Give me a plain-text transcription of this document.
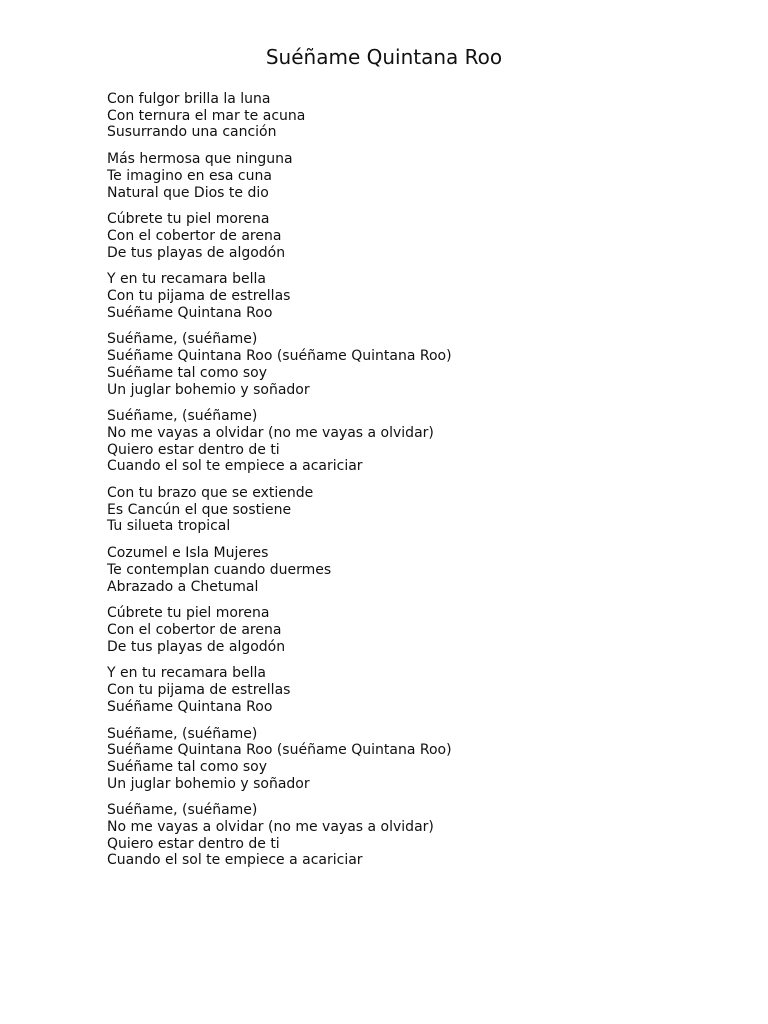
Suéñame Quintana Roo
Con fulgor brilla la luna
Con ternura el mar te acuna
Susurrando una canción
Más hermosa que ninguna
Te imagino en esa cuna
Natural que Dios te dio
Cúbrete tu piel morena
Con el cobertor de arena
De tus playas de algodón
Y en tu recamara bella
Con tu pijama de estrellas
Suéñame Quintana Roo
Suéñame, (suéñame)
Suéñame Quintana Roo (suéñame Quintana Roo)
Suéñame tal como soy
Un juglar bohemio y soñador
Suéñame, (suéñame)
No me vayas a olvidar (no me vayas a olvidar)
Quiero estar dentro de ti
Cuando el sol te empiece a acariciar
Con tu brazo que se extiende
Es Cancún el que sostiene
Tu silueta tropical
Cozumel e Isla Mujeres
Te contemplan cuando duermes
Abrazado a Chetumal
Cúbrete tu piel morena
Con el cobertor de arena
De tus playas de algodón
Y en tu recamara bella
Con tu pijama de estrellas
Suéñame Quintana Roo
Suéñame, (suéñame)
Suéñame Quintana Roo (suéñame Quintana Roo)
Suéñame tal como soy
Un juglar bohemio y soñador
Suéñame, (suéñame)
No me vayas a olvidar (no me vayas a olvidar)
Quiero estar dentro de ti
Cuando el sol te empiece a acariciar
